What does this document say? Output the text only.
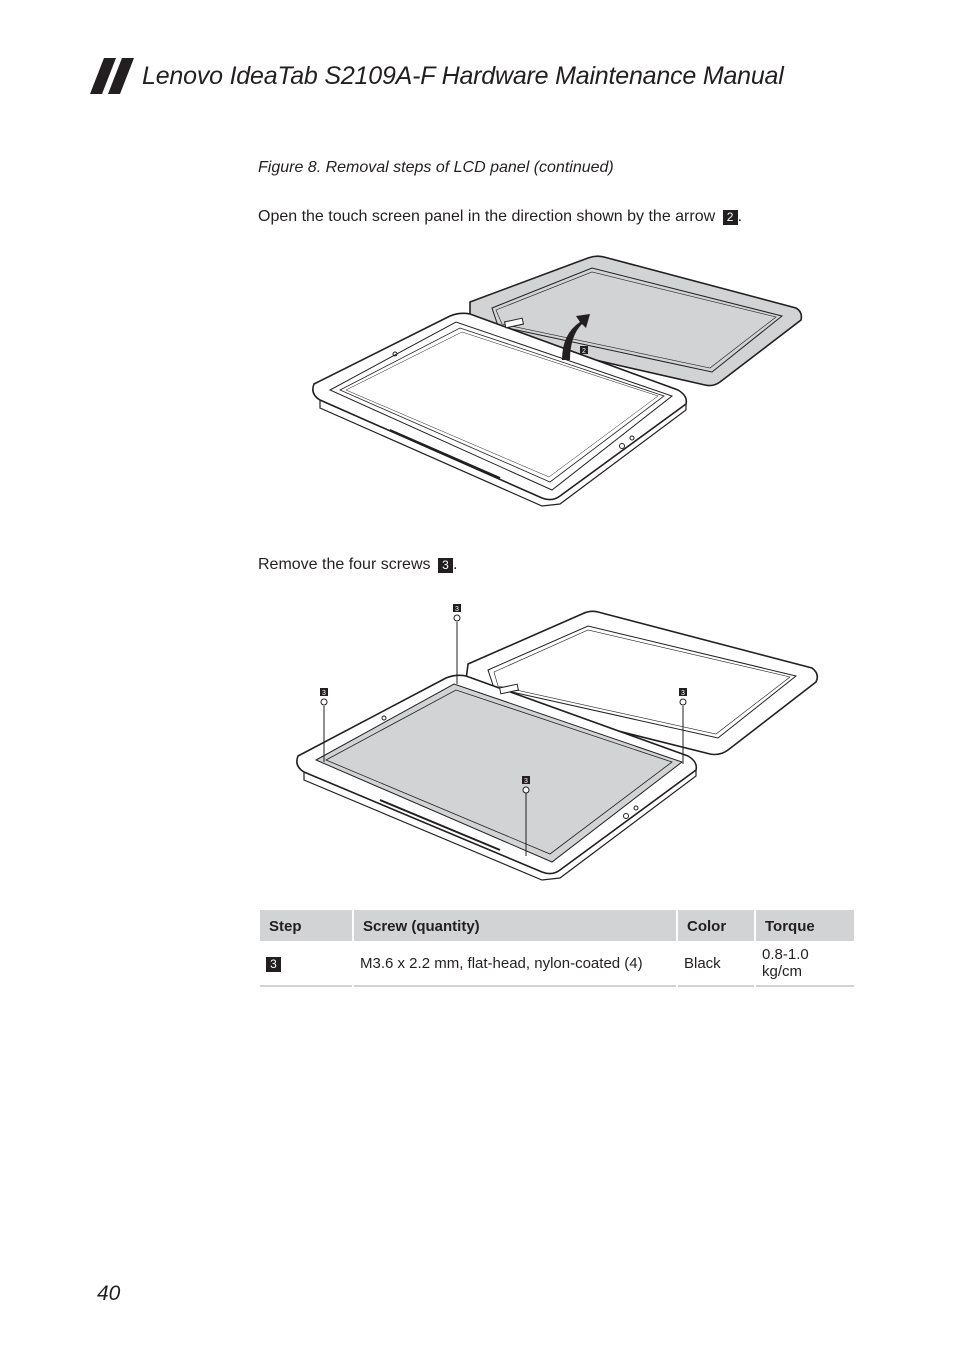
Lenovo IdeaTab S2109A-F Hardware Maintenance Manual
Figure 8. Removal steps of LCD panel (continued)
Open the touch screen panel in the direction shown by the arrow 2 .
2
Remove the four screws 3 .
3
3
3
3
Step	Screw (quantity)	Color	Torque
3	M3.6 x 2.2 mm, flat-head, nylon-coated (4)	Black	0.8-1.0 kg/cm
40
